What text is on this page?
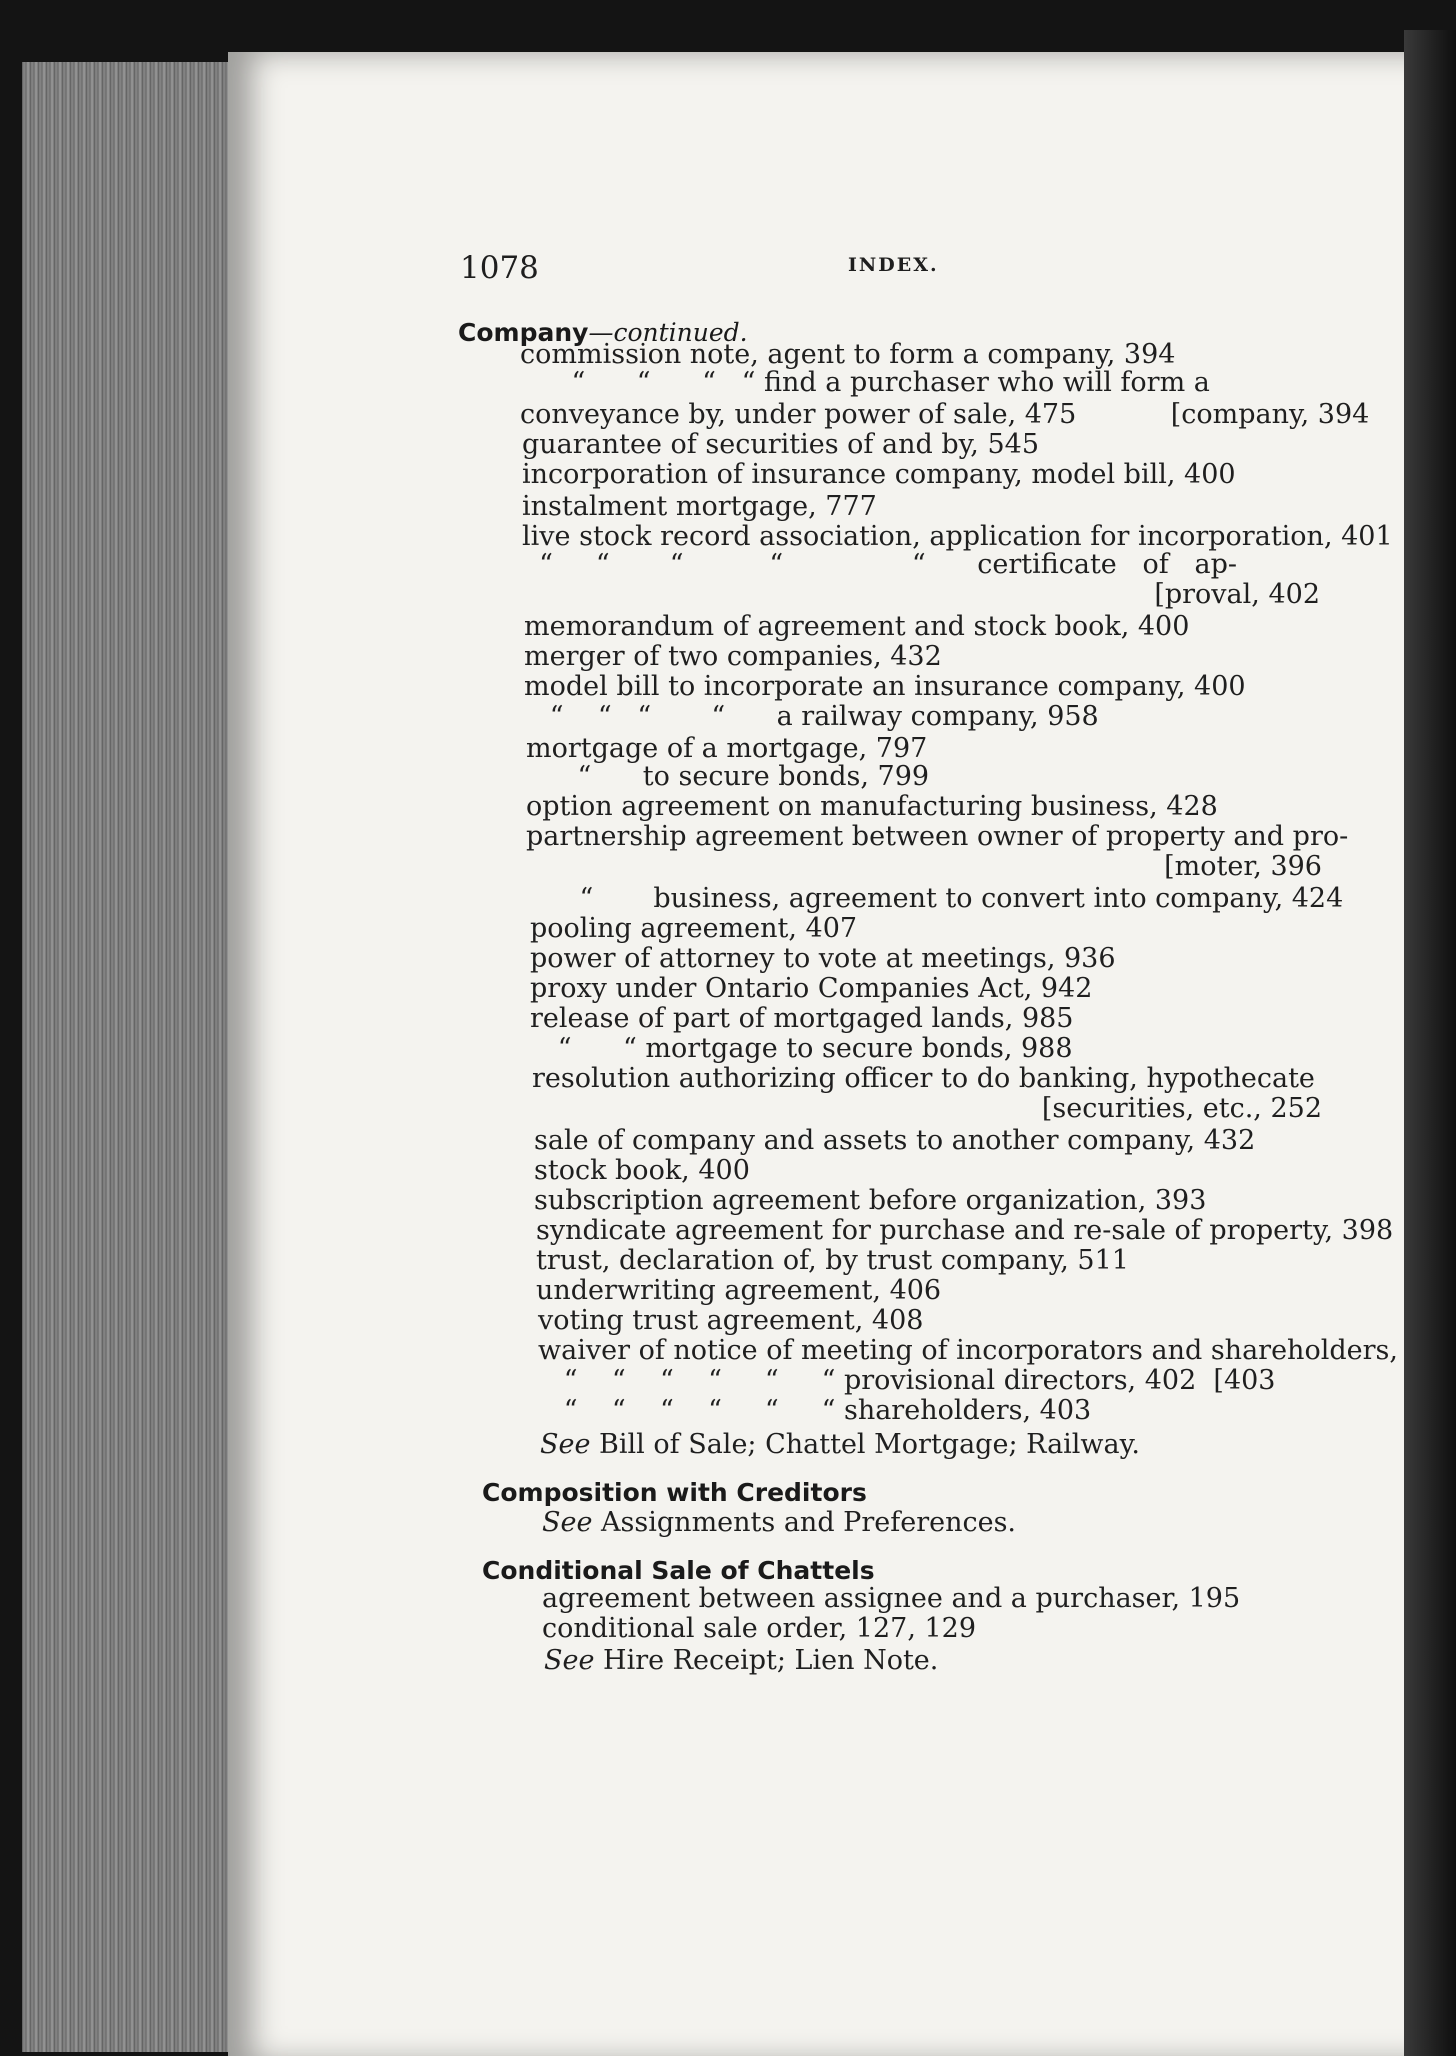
1078	INDEX.
Company—continued.
commission note, agent to form a company, 394
“      “      “   “ find a purchaser who will form a
conveyance by, under power of sale, 475           [company, 394
guarantee of securities of and by, 545
incorporation of insurance company, model bill, 400
instalment mortgage, 777
live stock record association, application for incorporation, 401
“     “       “          “               “      certificate   of   ap-
[proval, 402
memorandum of agreement and stock book, 400
merger of two companies, 432
model bill to incorporate an insurance company, 400
“    “   “       “      a railway company, 958
mortgage of a mortgage, 797
“      to secure bonds, 799
option agreement on manufacturing business, 428
partnership agreement between owner of property and pro-
[moter, 396
“       business, agreement to convert into company, 424
pooling agreement, 407
power of attorney to vote at meetings, 936
proxy under Ontario Companies Act, 942
release of part of mortgaged lands, 985
“      “ mortgage to secure bonds, 988
resolution authorizing officer to do banking, hypothecate
[securities, etc., 252
sale of company and assets to another company, 432
stock book, 400
subscription agreement before organization, 393
syndicate agreement for purchase and re-sale of property, 398
trust, declaration of, by trust company, 511
underwriting agreement, 406
voting trust agreement, 408
waiver of notice of meeting of incorporators and shareholders,
“    “    “    “     “     “ provisional directors, 402  [403
“    “    “    “     “     “ shareholders, 403
See Bill of Sale; Chattel Mortgage; Railway.
Composition with Creditors
See Assignments and Preferences.
Conditional Sale of Chattels
agreement between assignee and a purchaser, 195
conditional sale order, 127, 129
See Hire Receipt; Lien Note.
